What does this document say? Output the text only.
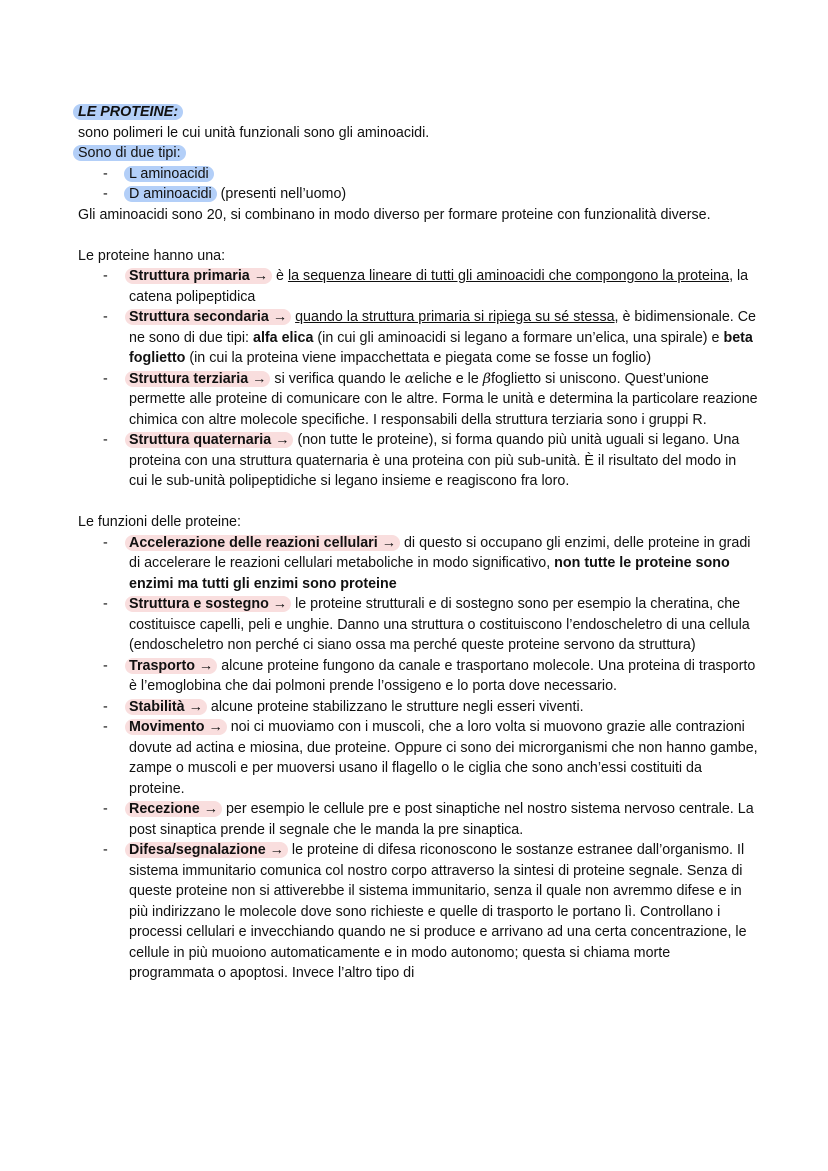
LE PROTEINE:

sono polimeri le cui unità funzionali sono gli aminoacidi.

Sono di due tipi:

- L aminoacidi
- D aminoacidi (presenti nell’uomo)

Gli aminoacidi sono 20, si combinano in modo diverso per formare proteine con funzionalità diverse.

Le proteine hanno una:

- Struttura primaria → è la sequenza lineare di tutti gli aminoacidi che compongono la proteina, la catena polipeptidica
- Struttura secondaria → quando la struttura primaria si ripiega su sé stessa, è bidimensionale. Ce ne sono di due tipi: alfa elica (in cui gli aminoacidi si legano a formare un’elica, una spirale) e beta foglietto (in cui la proteina viene impacchettata e piegata come se fosse un foglio)
- Struttura terziaria → si verifica quando le αeliche e le βfoglietto si uniscono. Quest’unione permette alle proteine di comunicare con le altre. Forma le unità e determina la particolare reazione chimica con altre molecole specifiche. I responsabili della struttura terziaria sono i gruppi R.
- Struttura quaternaria → (non tutte le proteine), si forma quando più unità uguali si legano. Una proteina con una struttura quaternaria è una proteina con più sub-unità. È il risultato del modo in cui le sub-unità polipeptidiche si legano insieme e reagiscono fra loro.

Le funzioni delle proteine:

- Accelerazione delle reazioni cellulari → di questo si occupano gli enzimi, delle proteine in gradi di accelerare le reazioni cellulari metaboliche in modo significativo, non tutte le proteine sono enzimi ma tutti gli enzimi sono proteine
- Struttura e sostegno → le proteine strutturali e di sostegno sono per esempio la cheratina, che costituisce capelli, peli e unghie. Danno una struttura o costituiscono l’endoscheletro di una cellula (endoscheletro non perché ci siano ossa ma perché queste proteine servono da struttura)
- Trasporto → alcune proteine fungono da canale e trasportano molecole. Una proteina di trasporto è l’emoglobina che dai polmoni prende l’ossigeno e lo porta dove necessario.
- Stabilità → alcune proteine stabilizzano le strutture negli esseri viventi.
- Movimento → noi ci muoviamo con i muscoli, che a loro volta si muovono grazie alle contrazioni dovute ad actina e miosina, due proteine. Oppure ci sono dei microrganismi che non hanno gambe, zampe o muscoli e per muoversi usano il flagello o le ciglia che sono anch’essi costituiti da proteine.
- Recezione → per esempio le cellule pre e post sinaptiche nel nostro sistema nervoso centrale. La post sinaptica prende il segnale che le manda la pre sinaptica.
- Difesa/segnalazione → le proteine di difesa riconoscono le sostanze estranee dall’organismo. Il sistema immunitario comunica col nostro corpo attraverso la sintesi di proteine segnale. Senza di queste proteine non si attiverebbe il sistema immunitario, senza il quale non avremmo difese e in più indirizzano le molecole dove sono richieste e quelle di trasporto le portano lì. Controllano i processi cellulari e invecchiando quando ne si produce e arrivano ad una certa concentrazione, le cellule in più muoiono automaticamente e in modo autonomo; questa si chiama morte programmata o apoptosi. Invece l’altro tipo di
